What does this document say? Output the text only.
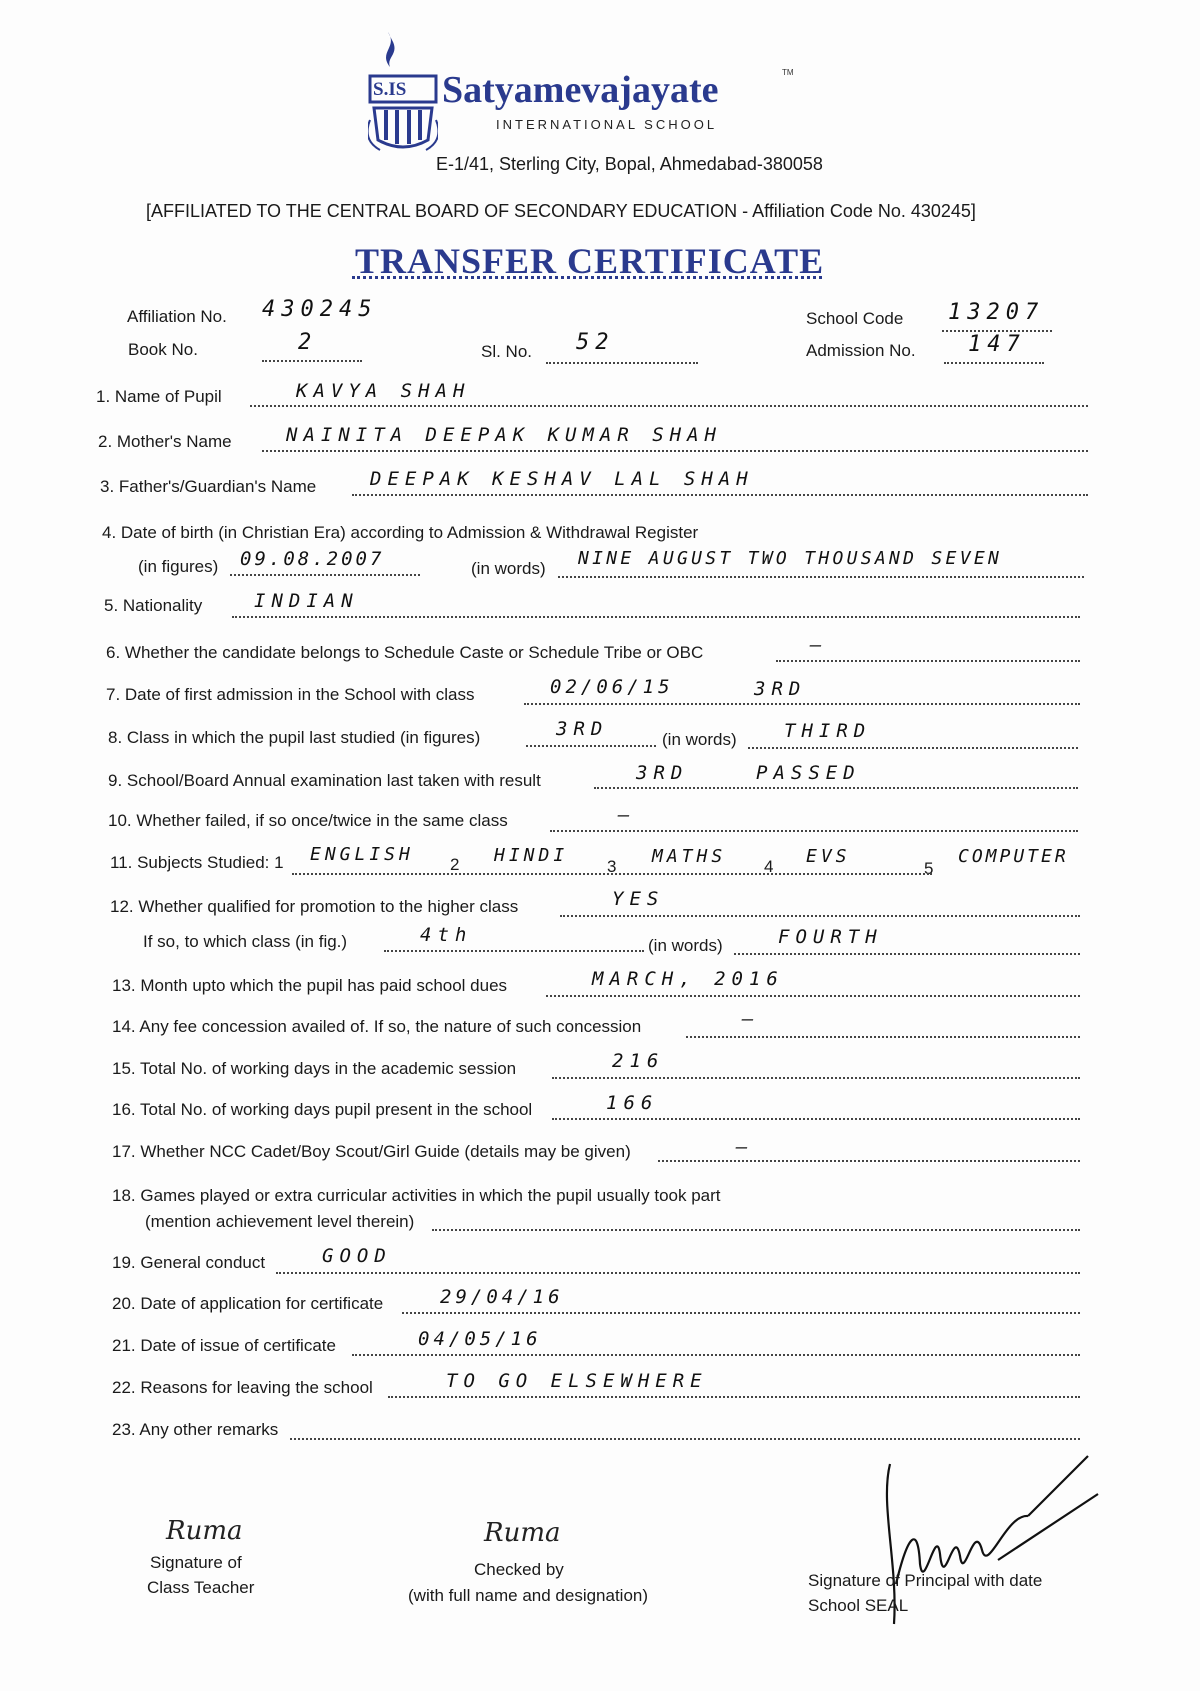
S.IS Satyamevajayate	TM
INTERNATIONAL SCHOOL
E-1/41, Sterling City, Bopal, Ahmedabad-380058
[AFFILIATED TO THE CENTRAL BOARD OF SECONDARY EDUCATION - Affiliation Code No. 430245]
TRANSFER CERTIFICATE
Affiliation No. 430245	School Code 13207
Book No.	2	Sl. No. 52	Admission No. 147
1. Name of Pupil	KAVYA SHAH
2. Mother's Name	NAINITA DEEPAK KUMAR SHAH
3. Father's/Guardian's Name	DEEPAK KESHAV LAL SHAH
4. Date of birth (in Christian Era) according to Admission & Withdrawal Register
(in figures) 09.08.2007	(in words) NINE AUGUST TWO THOUSAND SEVEN
5. Nationality	INDIAN
6. Whether the candidate belongs to Schedule Caste or Schedule Tribe or OBC	—
7. Date of first admission in the School with class	02/06/15	3RD
8. Class in which the pupil last studied (in figures)	3RD	(in words) THIRD
9. School/Board Annual examination last taken with result	3RD	PASSED
10. Whether failed, if so once/twice in the same class	—
11. Subjects Studied: 1 ENGLISH 2 HINDI
3 MATHS 4 EVS
5
COMPUTER
12. Whether qualified for promotion to the higher class	YES
If so, to which class (in fig.)	4th	(in words)	FOURTH
13. Month upto which the pupil has paid school dues	MARCH, 2016
14. Any fee concession availed of. If so, the nature of such concession	—
15. Total No. of working days in the academic session	216
16. Total No. of working days pupil present in the school	166
17. Whether NCC Cadet/Boy Scout/Girl Guide (details may be given)	—
18. Games played or extra curricular activities in which the pupil usually took part
(mention achievement level therein)
19. General conduct	GOOD
20. Date of application for certificate	29/04/16
21. Date of issue of certificate	04/05/16
22. Reasons for leaving the school	TO GO ELSEWHERE
23. Any other remarks
Ruma
Signature of
Class Teacher
Ruma
Checked by
(with full name and designation)
Signature of Principal with date
School SEAL
